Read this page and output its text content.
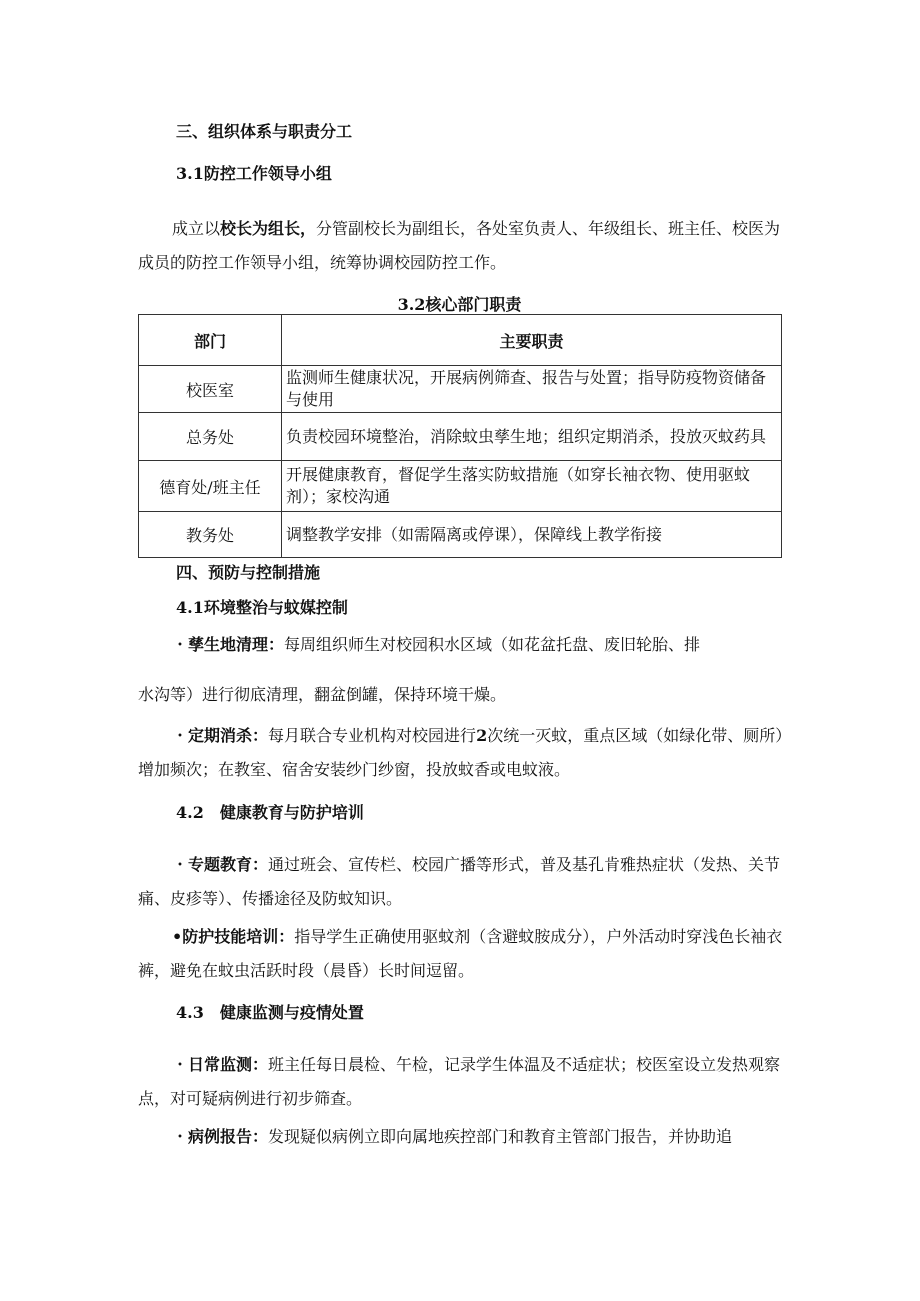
三、组织体系与职责分工
3.1防控工作领导小组
成立以校长为组长，分管副校长为副组长，各处室负责人、年级组长、班主任、校医为成员的防控工作领导小组，统筹协调校园防控工作。
3.2核心部门职责
部门	主要职责
校医室	监测师生健康状况，开展病例筛查、报告与处置；指导防疫物资储备与使用
总务处	负责校园环境整治，消除蚊虫孳生地；组织定期消杀，投放灭蚊药具
德育处/班主任	开展健康教育，督促学生落实防蚊措施（如穿长袖衣物、使用驱蚊剂）；家校沟通
教务处	调整教学安排（如需隔离或停课），保障线上教学衔接
四、预防与控制措施
4.1环境整治与蚊媒控制
・孳生地清理：每周组织师生对校园积水区域（如花盆托盘、废旧轮胎、排
水沟等）进行彻底清理，翻盆倒罐，保持环境干燥。
・定期消杀：每月联合专业机构对校园进行2次统一灭蚊，重点区域（如绿化带、厕所）增加频次；在教室、宿舍安装纱门纱窗，投放蚊香或电蚊液。
4.2　健康教育与防护培训
・专题教育：通过班会、宣传栏、校园广播等形式，普及基孔肯雅热症状（发热、关节痛、皮疹等）、传播途径及防蚊知识。
•防护技能培训：指导学生正确使用驱蚊剂（含避蚊胺成分），户外活动时穿浅色长袖衣裤，避免在蚊虫活跃时段（晨昏）长时间逗留。
4.3　健康监测与疫情处置
・日常监测：班主任每日晨检、午检，记录学生体温及不适症状；校医室设立发热观察点，对可疑病例进行初步筛查。
・病例报告：发现疑似病例立即向属地疾控部门和教育主管部门报告，并协助追
